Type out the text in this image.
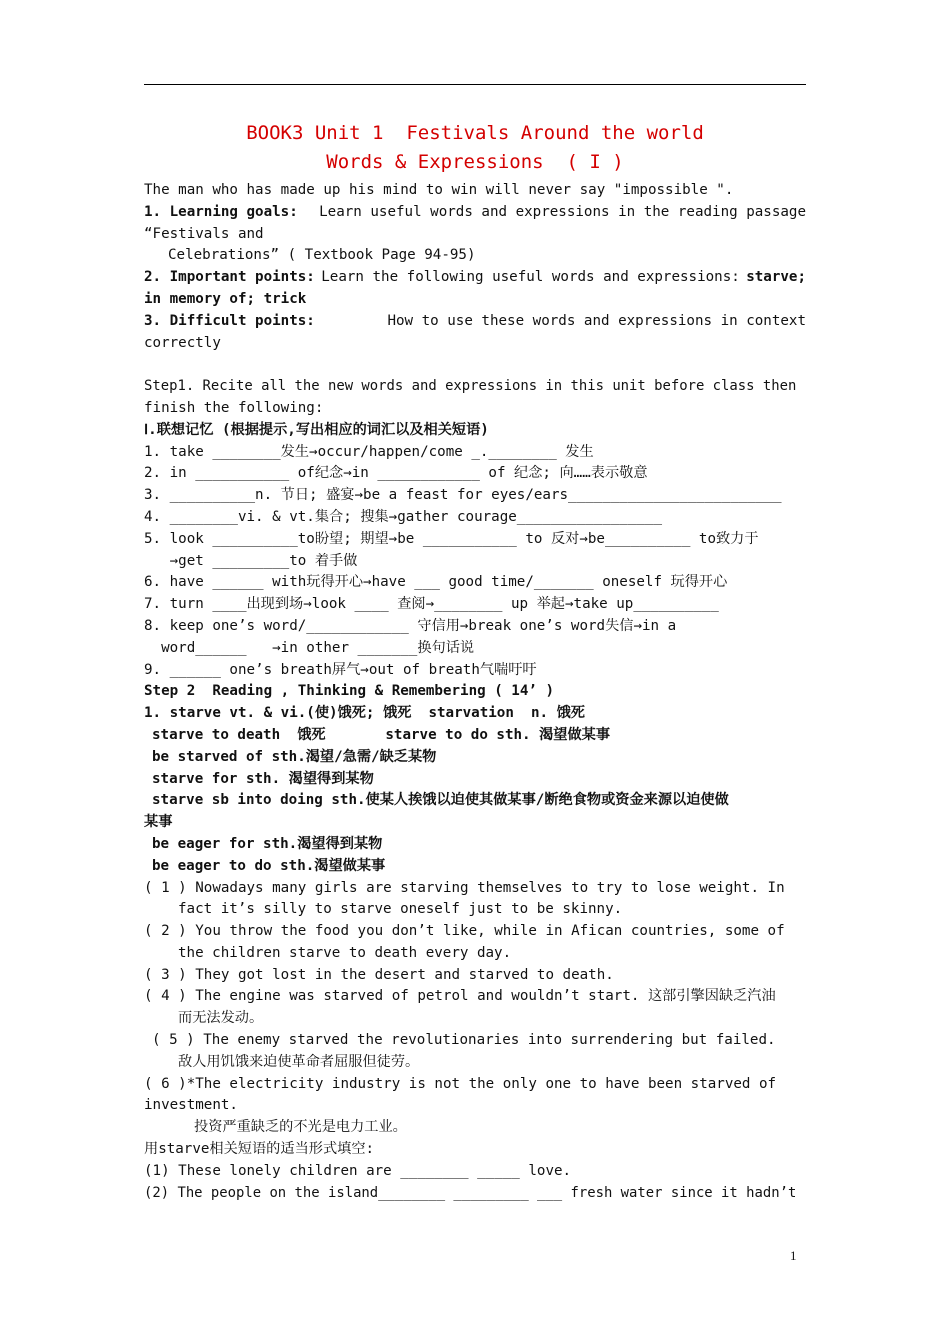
BOOK3 Unit 1  Festivals Around the world
Words & Expressions  ( I )
The man who has made up his mind to win will never say "impossible ".
1. Learning goals: Learn useful words and expressions in the reading passage
“Festivals and
Celebrations” ( Textbook Page 94-95)
2. Important points: Learn the following useful words and expressions: starve;
in memory of; trick
3. Difficult points:	How to use these words and expressions in context
correctly
Step1. Recite all the new words and expressions in this unit before class then
finish the following:
Ⅰ.联想记忆 (根据提示,写出相应的词汇以及相关短语)
1. take ________发生→occur/happen/come _.________ 发生
2. in ___________ of纪念→in ____________ of 纪念; 向……表示敬意
3. __________n. 节日; 盛宴→be a feast for eyes/ears_________________________
4. ________vi. & vt.集合; 搜集→gather courage_________________
5. look __________to盼望; 期望→be ___________ to 反对→be__________ to致力于
→get _________to 着手做
6. have ______ with玩得开心→have ___ good time/_______ oneself 玩得开心
7. turn ____出现到场→look ____ 查阅→________ up 举起→take up__________
8. keep one’s word/____________ 守信用→break one’s word失信→in a
word______   →in other _______换句话说
9. ______ one’s breath屏气→out of breath气喘吁吁
Step 2  Reading , Thinking & Remembering ( 14’ )
1. starve vt. & vi.(使)饿死; 饿死  starvation  n. 饿死
starve to death  饿死       starve to do sth. 渴望做某事
be starved of sth.渴望/急需/缺乏某物
starve for sth. 渴望得到某物
starve sb into doing sth.使某人挨饿以迫使其做某事/断绝食物或资金来源以迫使做
某事
be eager for sth.渴望得到某物
be eager to do sth.渴望做某事
( 1 ) Nowadays many girls are starving themselves to try to lose weight. In
fact it’s silly to starve oneself just to be skinny.
( 2 ) You throw the food you don’t like, while in Afican countries, some of
the children starve to death every day.
( 3 ) They got lost in the desert and starved to death.
( 4 ) The engine was starved of petrol and wouldn’t start. 这部引擎因缺乏汽油
而无法发动。
( 5 ) The enemy starved the revolutionaries into surrendering but failed.
敌人用饥饿来迫使革命者屈服但徒劳。
( 6 )*The electricity industry is not the only one to have been starved of
investment.
投资严重缺乏的不光是电力工业。
用starve相关短语的适当形式填空:
(1) These lonely children are ________ _____ love.
(2) The people on the island________ _________ ___ fresh water since it hadn’t
1
